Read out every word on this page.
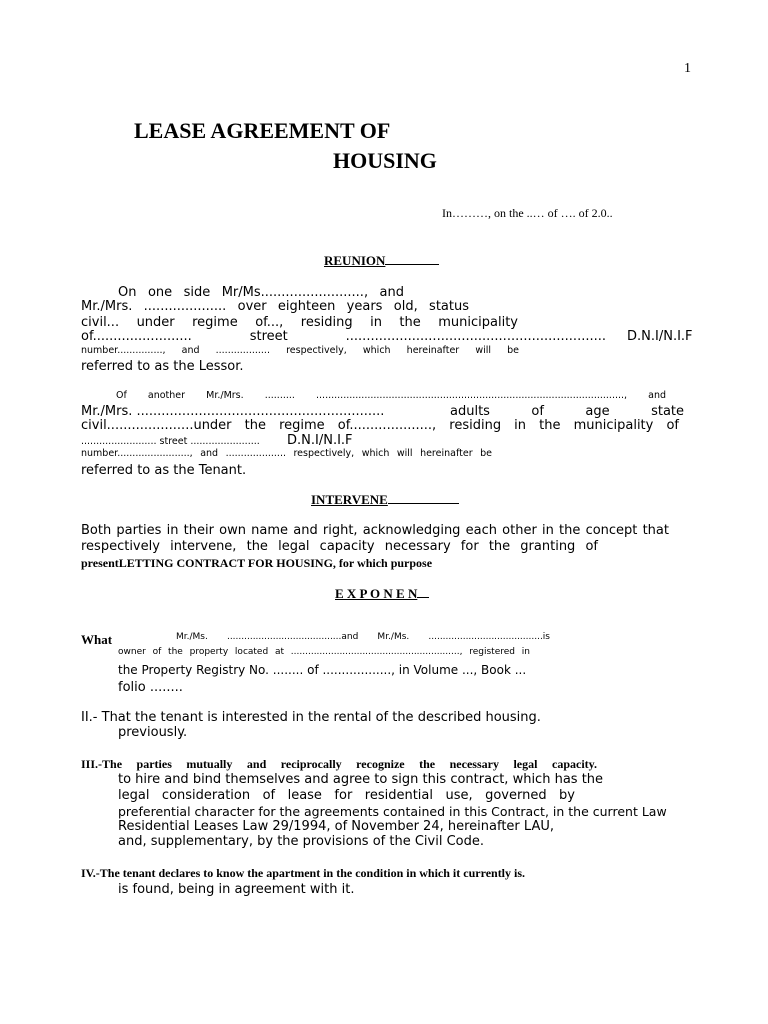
1
LEASE AGREEMENT OF
HOUSING
In………, on the ..… of …. of 2.0..
REUNION
On one side Mr/Ms........................., and
Mr./Mrs. .................... over eighteen years old, status
civil... under regime of..., residing in the municipality
of........................ street ............................................................... D.N.I/N.I.F
number..............., and .................. respectively, which hereinafter will be
referred to as the Lessor.
Of another Mr./Mrs. .......... ......................................................................................................, and
Mr./Mrs. ............................................................	adults of age state
civil.....................under the regime of...................., residing in the municipality of
......................... street ....................... D.N.I/N.I.F
number........................, and .................... respectively, which will hereinafter be
referred to as the Tenant.
INTERVENE
Both parties in their own name and right, acknowledging each other in the concept that
respectively intervene, the legal capacity necessary for the granting of
presentLETTING CONTRACT FOR HOUSING, for which purpose
E X P O N E N
What	Mr./Ms. ........................................and Mr./Ms. ........................................is
owner of the property located at ..........................................................., registered in
the Property Registry No. ........ of .................., in Volume ..., Book ...
folio ........
II.- That the tenant is interested in the rental of the described housing.
previously.
III.-The parties mutually and reciprocally recognize the necessary legal capacity.
to hire and bind themselves and agree to sign this contract, which has the
legal consideration of lease for residential use, governed by
preferential character for the agreements contained in this Contract, in the current Law
Residential Leases Law 29/1994, of November 24, hereinafter LAU,
and, supplementary, by the provisions of the Civil Code.
IV.-The tenant declares to know the apartment in the condition in which it currently is.
is found, being in agreement with it.
